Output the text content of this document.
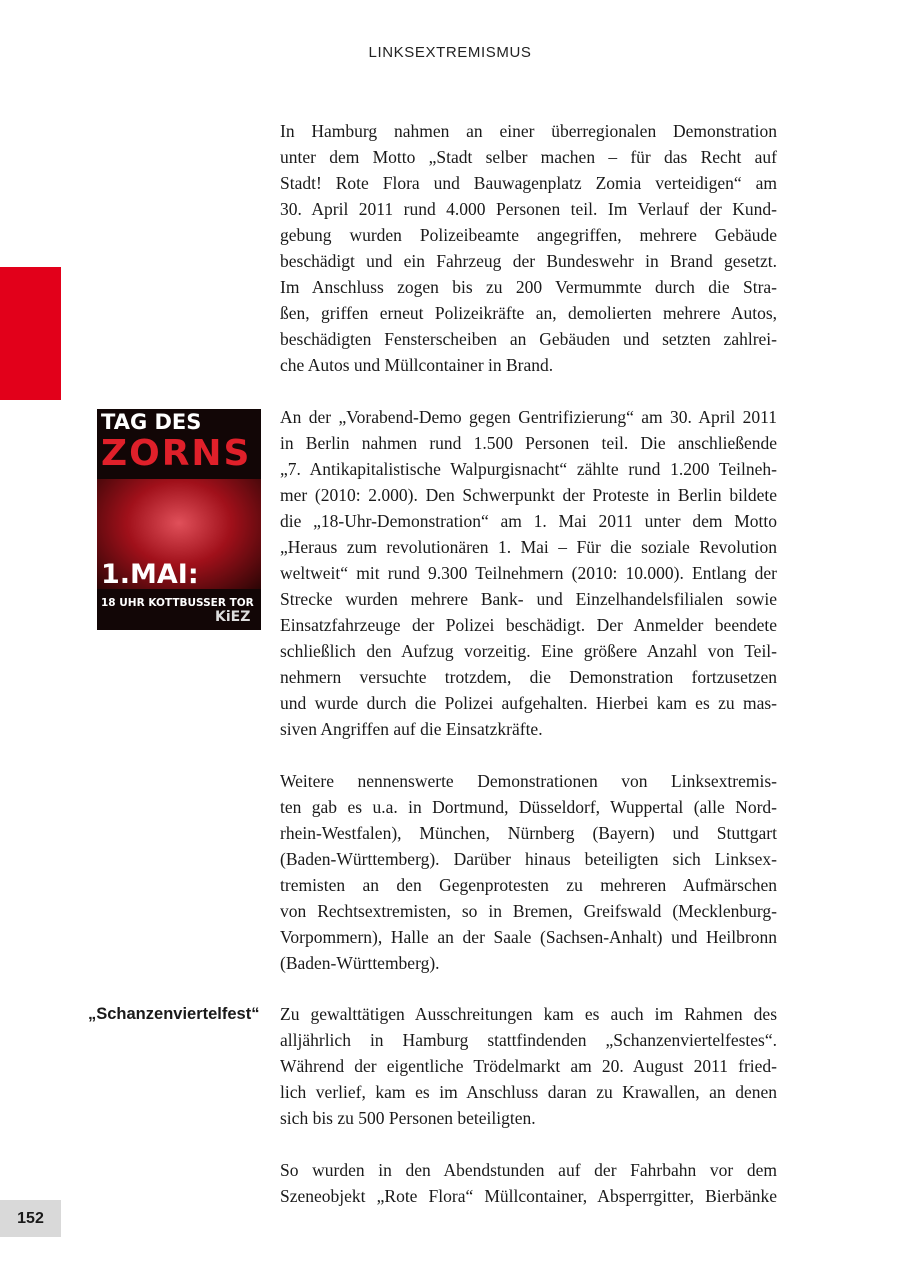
LINKSEXTREMISMUS
TAG DES
ZORNS
1.MAI:
18 UHR KOTTBUSSER TOR
KiEZ
In Hamburg nahmen an einer überregionalen Demonstration
unter dem Motto „Stadt selber machen – für das Recht auf
Stadt! Rote Flora und Bauwagenplatz Zomia verteidigen“ am
30. April 2011 rund 4.000 Personen teil. Im Verlauf der Kund-
gebung wurden Polizeibeamte angegriffen, mehrere Gebäude
beschädigt und ein Fahrzeug der Bundeswehr in Brand gesetzt.
Im Anschluss zogen bis zu 200 Vermummte durch die Stra-
ßen, griffen erneut Polizeikräfte an, demolierten mehrere Autos,
beschädigten Fensterscheiben an Gebäuden und setzten zahlrei-
che Autos und Müllcontainer in Brand.
An der „Vorabend-Demo gegen Gentrifizierung“ am 30. April 2011
in Berlin nahmen rund 1.500 Personen teil. Die anschließende
„7. Antikapitalistische Walpurgisnacht“ zählte rund 1.200 Teilneh-
mer (2010: 2.000). Den Schwerpunkt der Proteste in Berlin bildete
die „18-Uhr-Demonstration“ am 1. Mai 2011 unter dem Motto
„Heraus zum revolutionären 1. Mai – Für die soziale Revolution
weltweit“ mit rund 9.300 Teilnehmern (2010: 10.000). Entlang der
Strecke wurden mehrere Bank- und Einzelhandelsfilialen sowie
Einsatzfahrzeuge der Polizei beschädigt. Der Anmelder beendete
schließlich den Aufzug vorzeitig. Eine größere Anzahl von Teil-
nehmern versuchte trotzdem, die Demonstration fortzusetzen
und wurde durch die Polizei aufgehalten. Hierbei kam es zu mas-
siven Angriffen auf die Einsatzkräfte.
Weitere nennenswerte Demonstrationen von Linksextremis-
ten gab es u.a. in Dortmund, Düsseldorf, Wuppertal (alle Nord-
rhein-Westfalen), München, Nürnberg (Bayern) und Stuttgart
(Baden-Württemberg). Darüber hinaus beteiligten sich Linksex-
tremisten an den Gegenprotesten zu mehreren Aufmärschen
von Rechtsextremisten, so in Bremen, Greifswald (Mecklenburg-
Vorpommern), Halle an der Saale (Sachsen-Anhalt) und Heilbronn
(Baden-Württemberg).
Zu gewalttätigen Ausschreitungen kam es auch im Rahmen des
alljährlich in Hamburg stattfindenden „Schanzenviertelfestes“.
Während der eigentliche Trödelmarkt am 20. August 2011 fried-
lich verlief, kam es im Anschluss daran zu Krawallen, an denen
sich bis zu 500 Personen beteiligten.
So wurden in den Abendstunden auf der Fahrbahn vor dem
Szeneobjekt „Rote Flora“ Müllcontainer, Absperrgitter, Bierbänke
„Schanzenviertelfest“
152
